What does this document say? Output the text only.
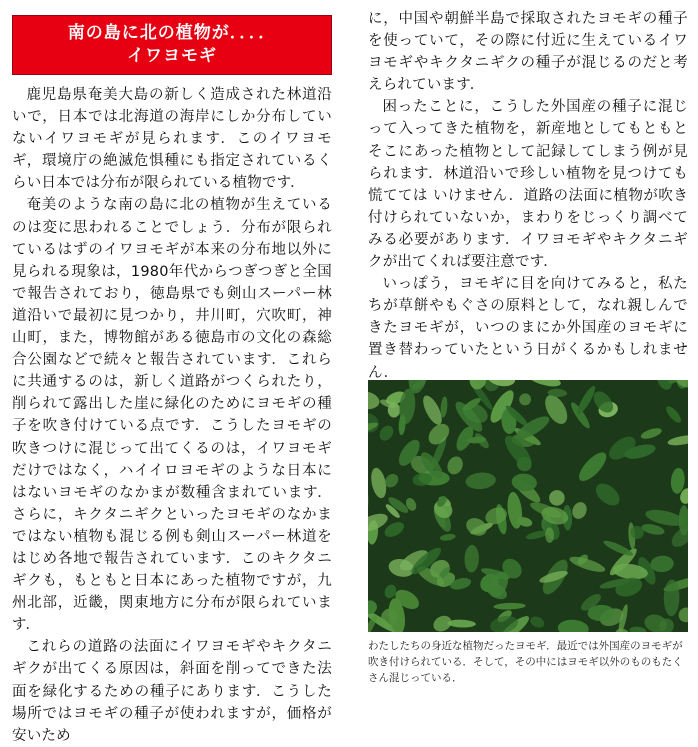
南の島に北の植物が．．．．
イワヨモギ

鹿児島県奄美大島の新しく造成された林道沿いで，日本では北海道の海岸にしか分布していないイワヨモギが見られます．このイワヨモギ，環境庁の絶滅危惧種にも指定されているくらい日本では分布が限られている植物です．

奄美のような南の島に北の植物が生えているのは変に思われることでしょう．分布が限られているはずのイワヨモギが本来の分布地以外に見られる現象は，1980年代からつぎつぎと全国で報告されており，徳島県でも剣山スーパー林道沿いで最初に見つかり，井川町，穴吹町，神山町，また，博物館がある徳島市の文化の森総合公園などで続々と報告されています．これらに共通するのは，新しく道路がつくられたり，削られて露出した崖に緑化のためにヨモギの種子を吹き付けている点です．こうしたヨモギの吹きつけに混じって出てくるのは，イワヨモギだけではなく，ハイイロヨモギのような日本にはないヨモギのなかまが数種含まれています．さらに，キクタニギクといったヨモギのなかまではない植物も混じる例も剣山スーパー林道をはじめ各地で報告されています．このキクタニギクも，もともと日本にあった植物ですが，九州北部，近畿，関東地方に分布が限られています．

これらの道路の法面にイワヨモギやキクタニギクが出てくる原因は，斜面を削ってできた法面を緑化するための種子にあります．こうした場所ではヨモギの種子が使われますが，価格が安いため

に，中国や朝鮮半島で採取されたヨモギの種子を使っていて，その際に付近に生えているイワヨモギやキクタニギクの種子が混じるのだと考えられています．

困ったことに，こうした外国産の種子に混じって入ってきた植物を，新産地としてもともとそこにあった植物として記録してしまう例が見られます．林道沿いで珍しい植物を見つけても慌てては いけません．道路の法面に植物が吹き付けられていないか，まわりをじっくり調べてみる必要があります．イワヨモギやキクタニギクが出てくれば要注意です．

いっぽう，ヨモギに目を向けてみると，私たちが草餅やもぐさの原料として，なれ親しんできたヨモギが，いつのまにか外国産のヨモギに置き替わっていたという日がくるかもしれません．

わたしたちの身近な植物だったヨモギ．最近では外国産のヨモギが吹き付けられている．そして，その中にはヨモギ以外のものもたくさん混じっている．
